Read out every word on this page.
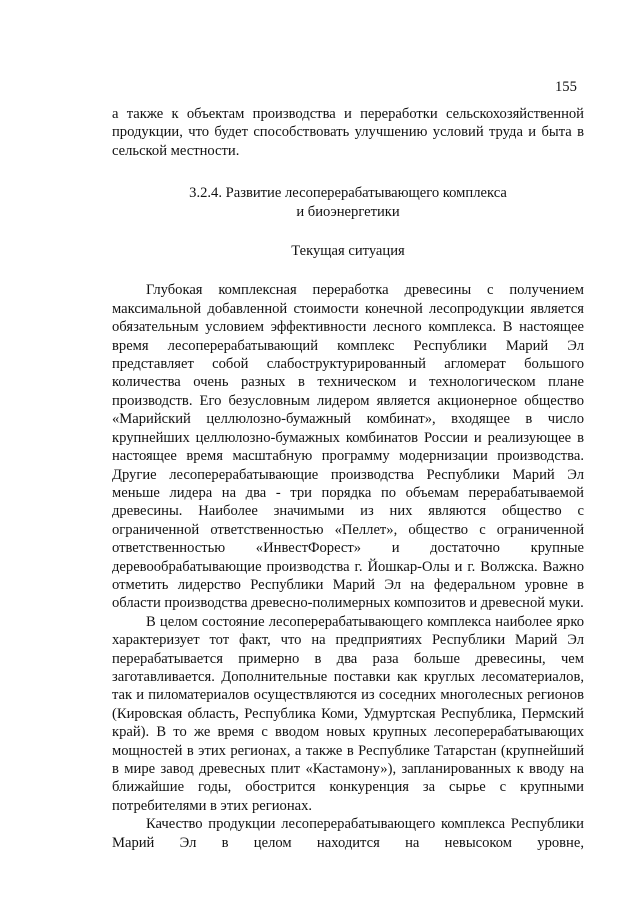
155
а также к объектам производства и переработки сельскохозяйственной продукции, что будет способствовать улучшению условий труда и быта в сельской местности.
3.2.4. Развитие лесоперерабатывающего комплекса
и биоэнергетики
Текущая ситуация

Глубокая комплексная переработка древесины с получением максимальной добавленной стоимости конечной лесопродукции является обязательным условием эффективности лесного комплекса. В настоящее время лесоперерабатывающий комплекс Республики Марий Эл представляет собой слабоструктурированный агломерат большого количества очень разных в техническом и технологическом плане производств. Его безусловным лидером является акционерное общество «Марийский целлюлозно-бумажный комбинат», входящее в число крупнейших целлюлозно-бумажных комбинатов России и реализующее в настоящее время масштабную программу модернизации производства. Другие лесоперерабатывающие производства Республики Марий Эл меньше лидера на два - три порядка по объемам перерабатываемой древесины. Наиболее значимыми из них являются общество с ограниченной ответственностью «Пеллет», общество с ограниченной ответственностью «ИнвестФорест» и достаточно крупные деревообрабатывающие производства г. Йошкар-Олы и г. Волжска. Важно отметить лидерство Республики Марий Эл на федеральном уровне в области производства древесно-полимерных композитов и древесной муки.

В целом состояние лесоперерабатывающего комплекса наиболее ярко характеризует тот факт, что на предприятиях Республики Марий Эл перерабатывается примерно в два раза больше древесины, чем заготавливается. Дополнительные поставки как круглых лесоматериалов, так и пиломатериалов осуществляются из соседних многолесных регионов (Кировская область, Республика Коми, Удмуртская Республика, Пермский край). В то же время с вводом новых крупных лесоперерабатывающих мощностей в этих регионах, а также в Республике Татарстан (крупнейший в мире завод древесных плит «Кастамону»), запланированных к вводу на ближайшие годы, обострится конкуренция за сырье с крупными потребителями в этих регионах.

Качество продукции лесоперерабатывающего комплекса Республики Марий Эл в целом находится на невысоком уровне,
